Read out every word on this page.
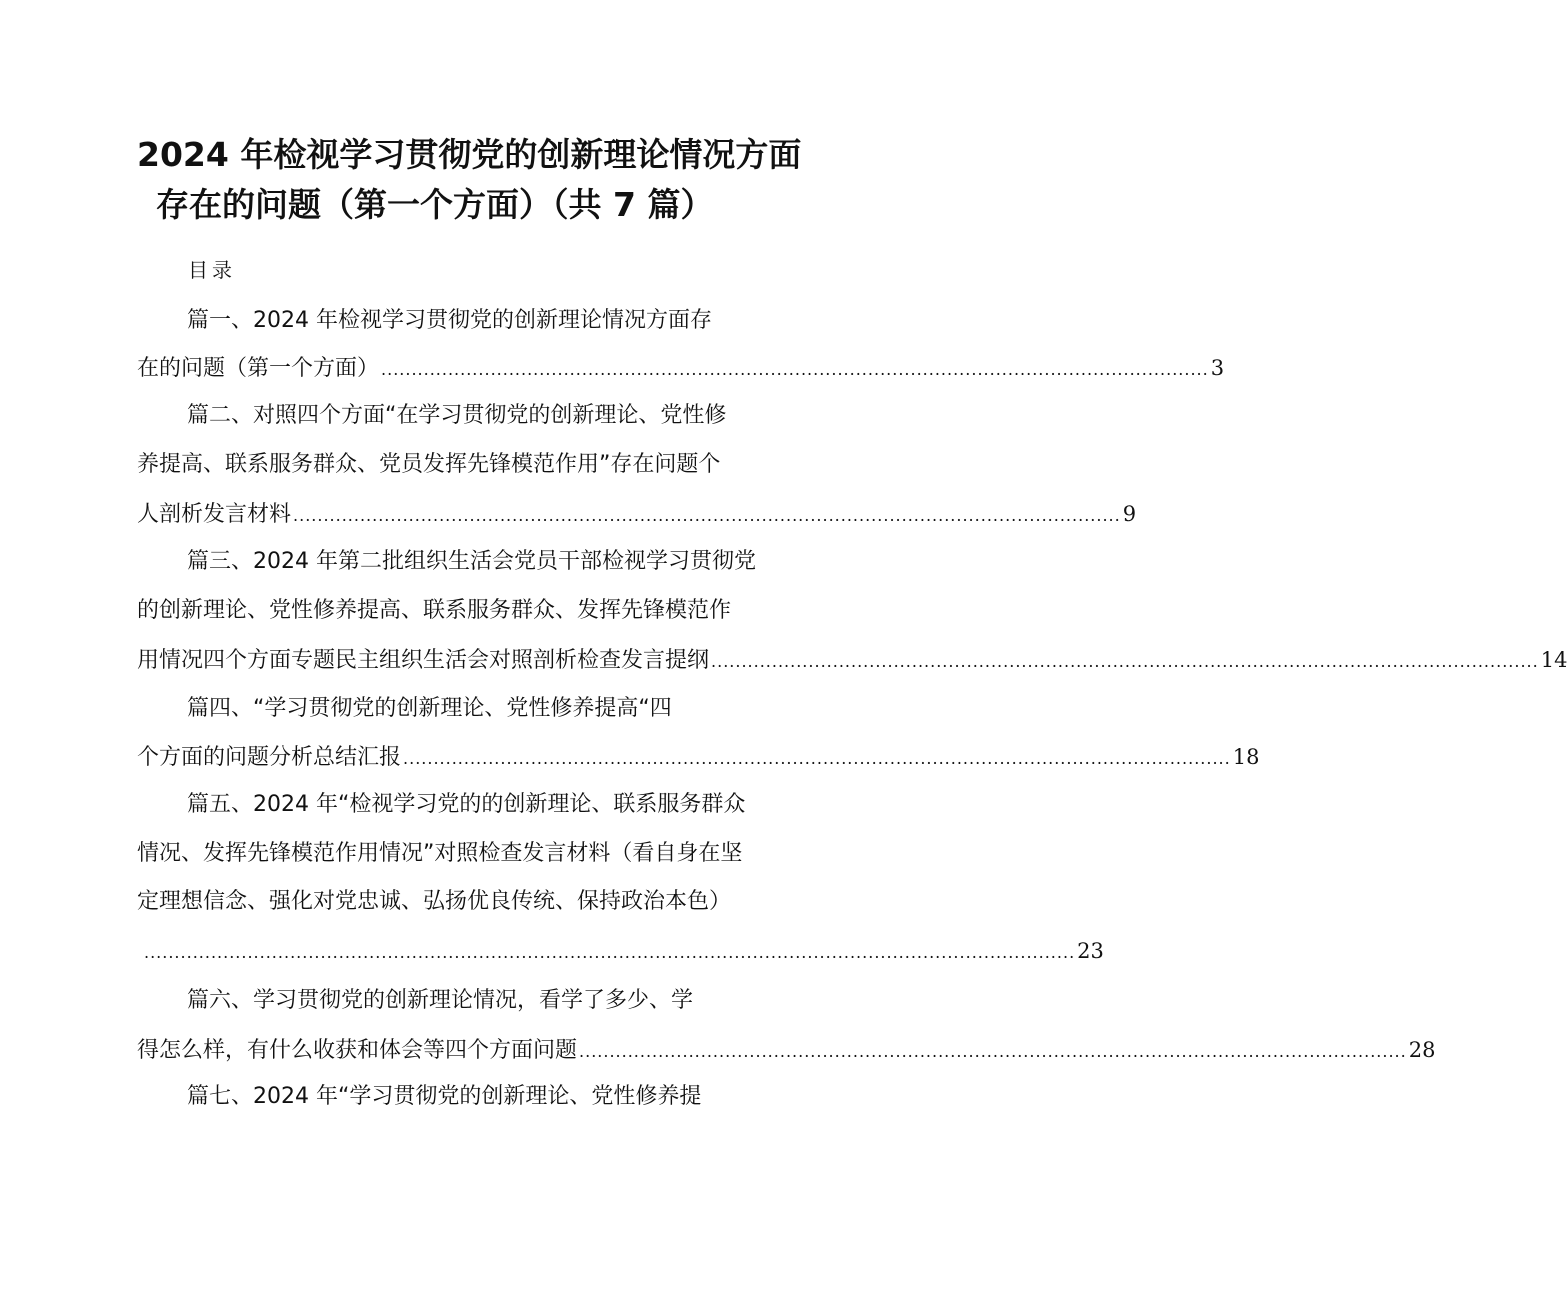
2024 年检视学习贯彻党的创新理论情况方面
存在的问题（第一个方面）（共 7 篇）
目录
篇一、2024 年检视学习贯彻党的创新理论情况方面存
在的问题（第一个方面） ........................................................................................................................................ 3
篇二、对照四个方面“在学习贯彻党的创新理论、党性修
养提高、联系服务群众、党员发挥先锋模范作用”存在问题个
人剖析发言材料 ........................................................................................................................................ 9
篇三、2024 年第二批组织生活会党员干部检视学习贯彻党
的创新理论、党性修养提高、联系服务群众、发挥先锋模范作
用情况四个方面专题民主组织生活会对照剖析检查发言提纲 ........................................................................................................................................ 14
篇四、“学习贯彻党的创新理论、党性修养提高“四
个方面的问题分析总结汇报 ........................................................................................................................................ 18
篇五、2024 年“检视学习党的的创新理论、联系服务群众
情况、发挥先锋模范作用情况”对照检查发言材料（看自身在坚
定理想信念、强化对党忠诚、弘扬优良传统、保持政治本色）
......................................................................................................................................................... 23
篇六、学习贯彻党的创新理论情况，看学了多少、学
得怎么样，有什么收获和体会等四个方面问题 ........................................................................................................................................ 28
篇七、2024 年“学习贯彻党的创新理论、党性修养提
